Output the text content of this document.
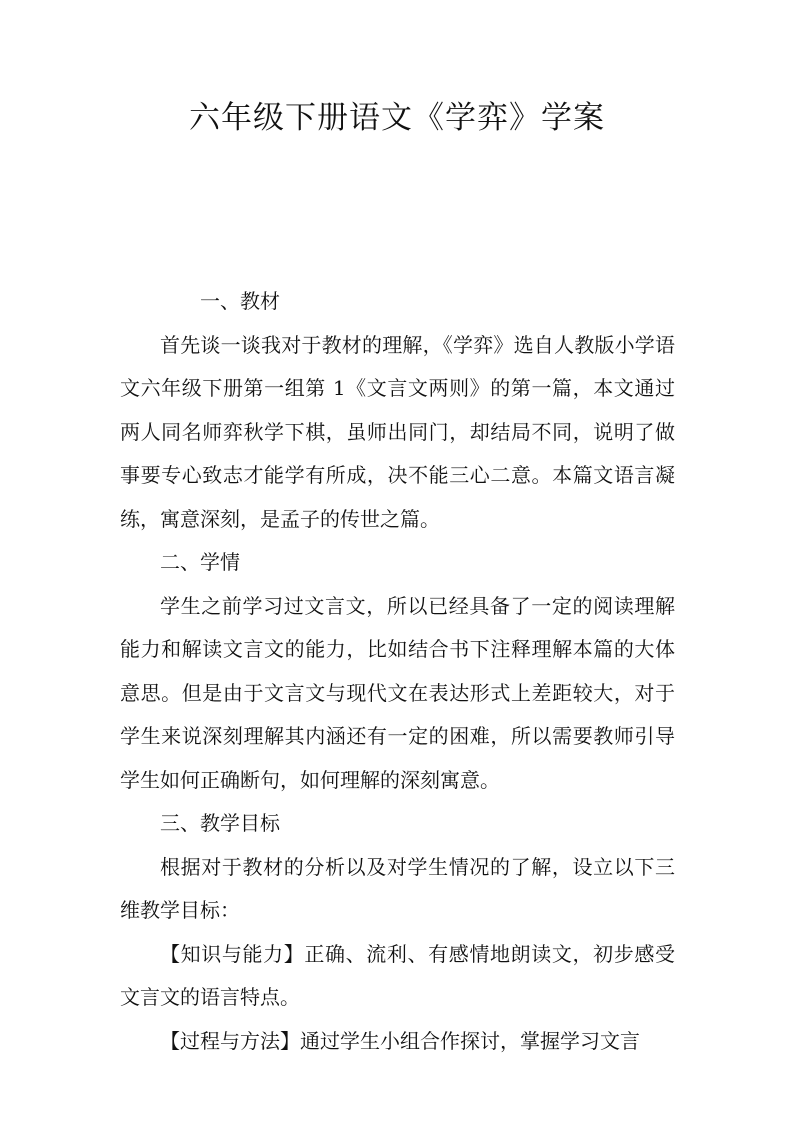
六年级下册语文《学弈》学案

一、教材

首先谈一谈我对于教材的理解，《学弈》选自人教版小学语文六年级下册第一组第 1《文言文两则》的第一篇，本文通过两人同名师弈秋学下棋，虽师出同门，却结局不同，说明了做事要专心致志才能学有所成，决不能三心二意。本篇文语言凝练，寓意深刻，是孟子的传世之篇。

二、学情

学生之前学习过文言文，所以已经具备了一定的阅读理解能力和解读文言文的能力，比如结合书下注释理解本篇的大体意思。但是由于文言文与现代文在表达形式上差距较大，对于学生来说深刻理解其内涵还有一定的困难，所以需要教师引导学生如何正确断句，如何理解的深刻寓意。

三、教学目标

根据对于教材的分析以及对学生情况的了解，设立以下三维教学目标：

【知识与能力】正确、流利、有感情地朗读文，初步感受文言文的语言特点。

【过程与方法】通过学生小组合作探讨，掌握学习文言
